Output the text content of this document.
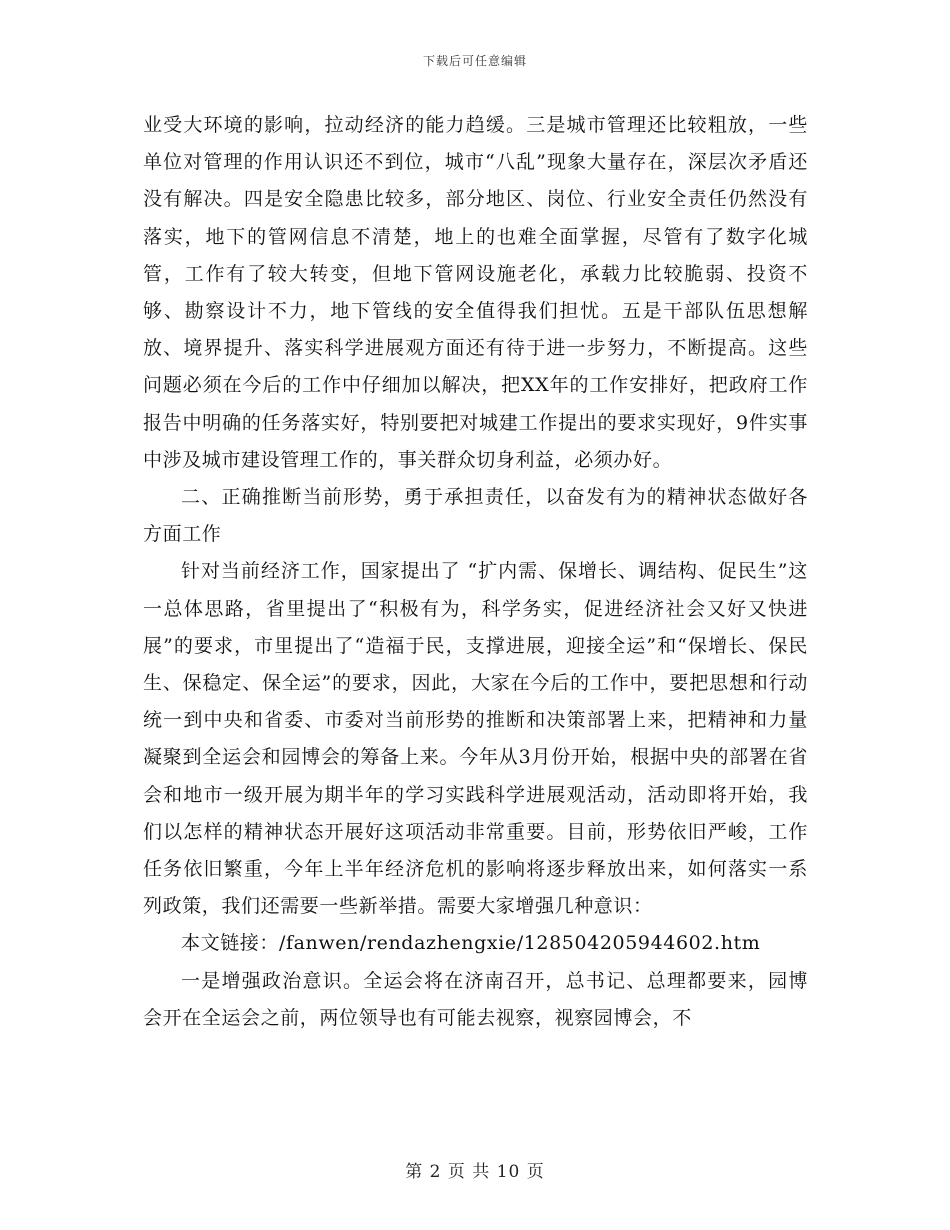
下载后可任意编辑

业受大环境的影响，拉动经济的能力趋缓。三是城市管理还比较粗放，一些单位对管理的作用认识还不到位，城市“八乱”现象大量存在，深层次矛盾还没有解决。四是安全隐患比较多，部分地区、岗位、行业安全责任仍然没有落实，地下的管网信息不清楚，地上的也难全面掌握，尽管有了数字化城管，工作有了较大转变，但地下管网设施老化，承载力比较脆弱、投资不够、勘察设计不力，地下管线的安全值得我们担忧。五是干部队伍思想解放、境界提升、落实科学进展观方面还有待于进一步努力，不断提高。这些问题必须在今后的工作中仔细加以解决，把XX年的工作安排好，把政府工作报告中明确的任务落实好，特别要把对城建工作提出的要求实现好，9件实事中涉及城市建设管理工作的，事关群众切身利益，必须办好。

二、正确推断当前形势，勇于承担责任，以奋发有为的精神状态做好各方面工作

针对当前经济工作，国家提出了 “扩内需、保增长、调结构、促民生”这一总体思路，省里提出了“积极有为，科学务实，促进经济社会又好又快进展”的要求，市里提出了“造福于民，支撑进展，迎接全运”和“保增长、保民生、保稳定、保全运”的要求，因此，大家在今后的工作中，要把思想和行动统一到中央和省委、市委对当前形势的推断和决策部署上来，把精神和力量凝聚到全运会和园博会的筹备上来。今年从3月份开始，根据中央的部署在省会和地市一级开展为期半年的学习实践科学进展观活动，活动即将开始，我们以怎样的精神状态开展好这项活动非常重要。目前，形势依旧严峻，工作任务依旧繁重，今年上半年经济危机的影响将逐步释放出来，如何落实一系列政策，我们还需要一些新举措。需要大家增强几种意识：

本文链接：/fanwen/rendazhengxie/128504205944602.htm

一是增强政治意识。全运会将在济南召开，总书记、总理都要来，园博会开在全运会之前，两位领导也有可能去视察，视察园博会，不

第 2 页 共 10 页
